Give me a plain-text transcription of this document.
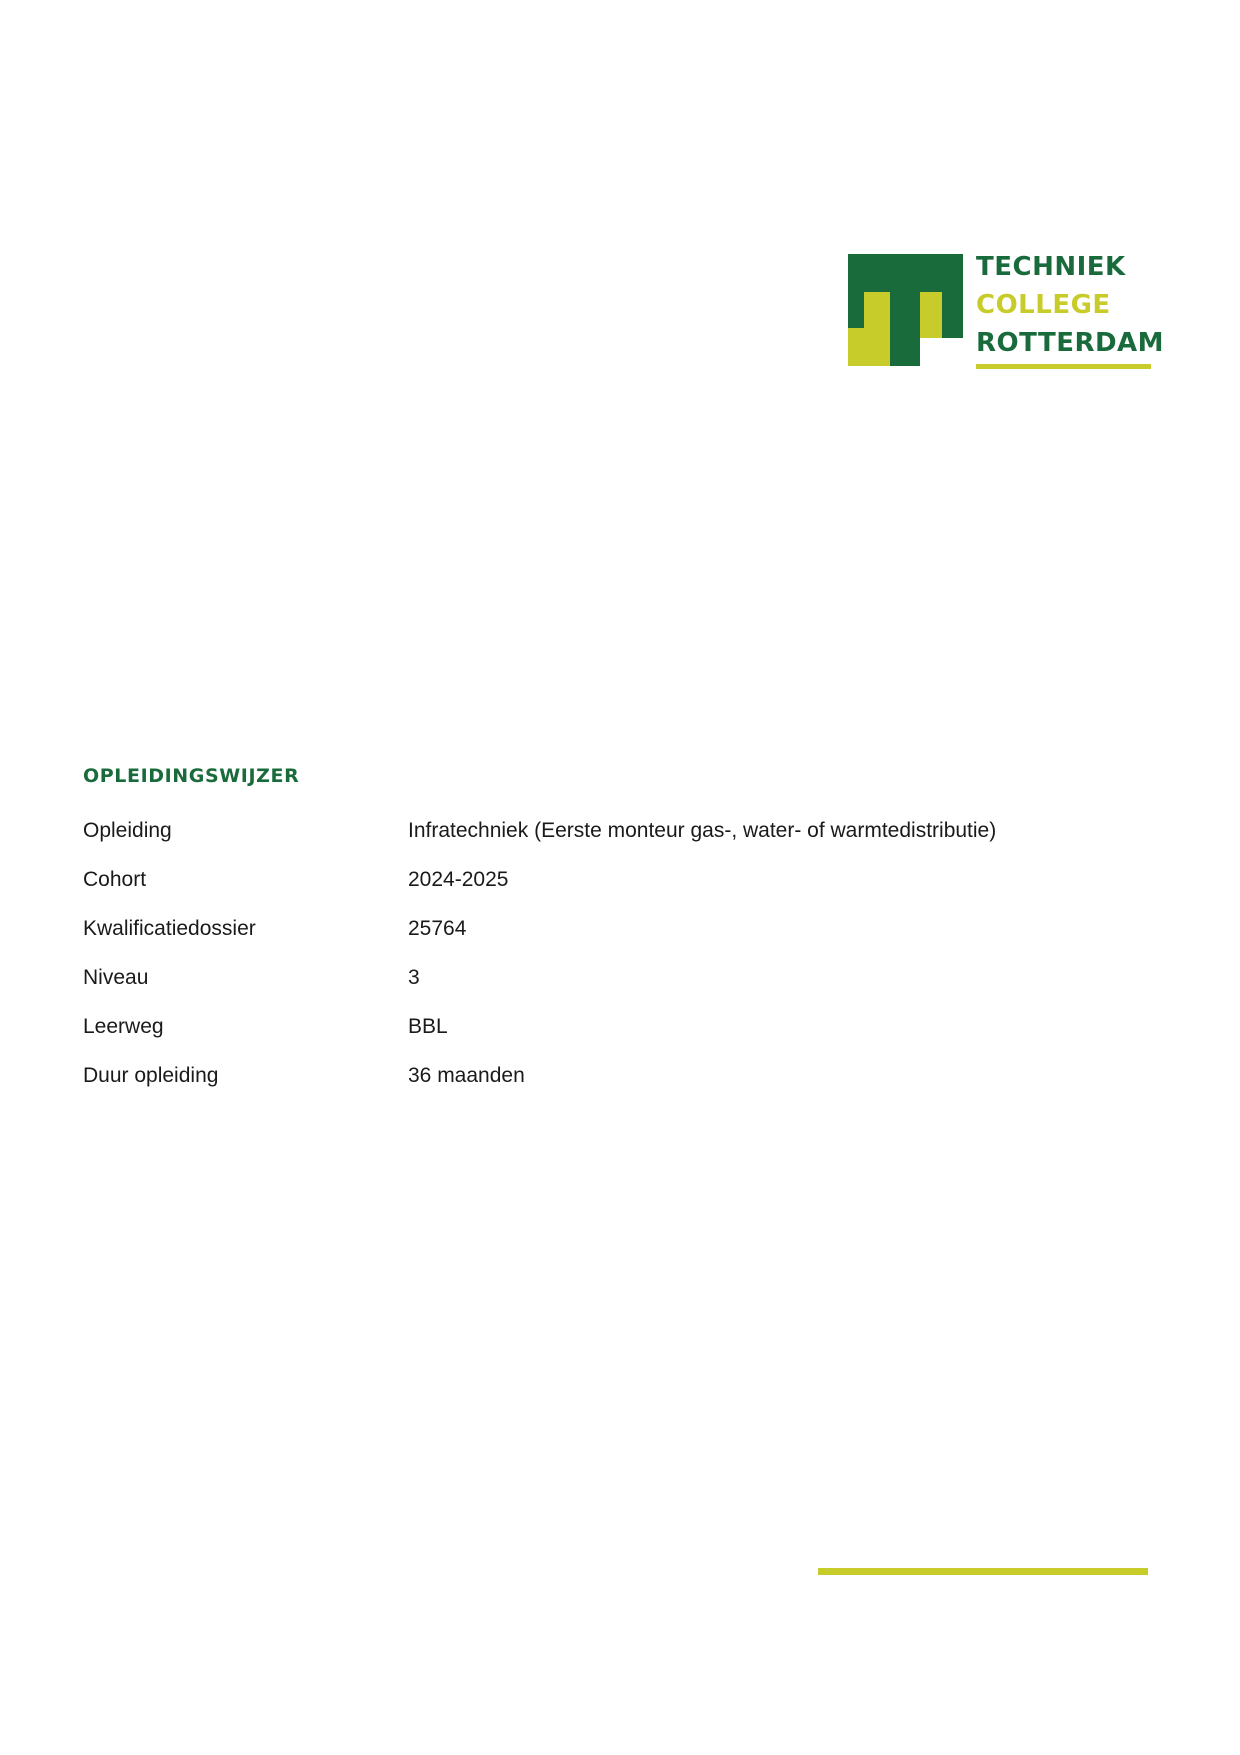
TECHNIEK
COLLEGE
ROTTERDAM
OPLEIDINGSWIJZER
Opleiding	Infratechniek (Eerste monteur gas-, water- of warmtedistributie)
Cohort	2024-2025
Kwalificatiedossier	25764
Niveau	3
Leerweg	BBL
Duur opleiding	36 maanden
